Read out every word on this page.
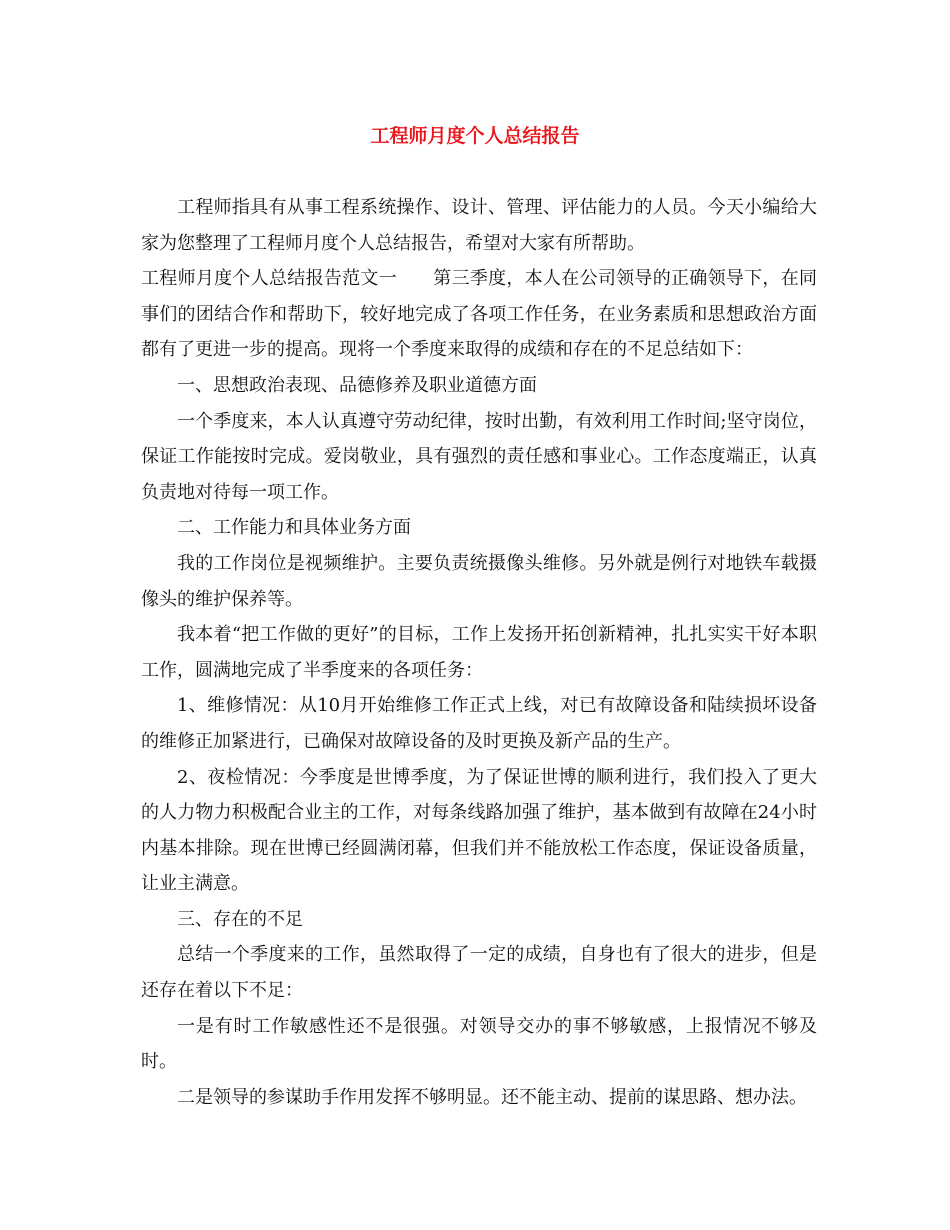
工程师月度个人总结报告

工程师指具有从事工程系统操作、设计、管理、评估能力的人员。今天小编给大家为您整理了工程师月度个人总结报告，希望对大家有所帮助。

工程师月度个人总结报告范文一 第三季度，本人在公司领导的正确领导下，在同事们的团结合作和帮助下，较好地完成了各项工作任务，在业务素质和思想政治方面都有了更进一步的提高。现将一个季度来取得的成绩和存在的不足总结如下：

一、思想政治表现、品德修养及职业道德方面

一个季度来，本人认真遵守劳动纪律，按时出勤，有效利用工作时间;坚守岗位，保证工作能按时完成。爱岗敬业，具有强烈的责任感和事业心。工作态度端正，认真负责地对待每一项工作。

二、工作能力和具体业务方面

我的工作岗位是视频维护。主要负责统摄像头维修。另外就是例行对地铁车载摄像头的维护保养等。

我本着“把工作做的更好”的目标，工作上发扬开拓创新精神，扎扎实实干好本职工作，圆满地完成了半季度来的各项任务：

1、维修情况：从10月开始维修工作正式上线，对已有故障设备和陆续损坏设备的维修正加紧进行，已确保对故障设备的及时更换及新产品的生产。

2、夜检情况：今季度是世博季度，为了保证世博的顺利进行，我们投入了更大的人力物力积极配合业主的工作，对每条线路加强了维护，基本做到有故障在24小时内基本排除。现在世博已经圆满闭幕，但我们并不能放松工作态度，保证设备质量，让业主满意。

三、存在的不足

总结一个季度来的工作，虽然取得了一定的成绩，自身也有了很大的进步，但是还存在着以下不足：

一是有时工作敏感性还不是很强。对领导交办的事不够敏感，上报情况不够及时。

二是领导的参谋助手作用发挥不够明显。还不能主动、提前的谋思路、想办法。
